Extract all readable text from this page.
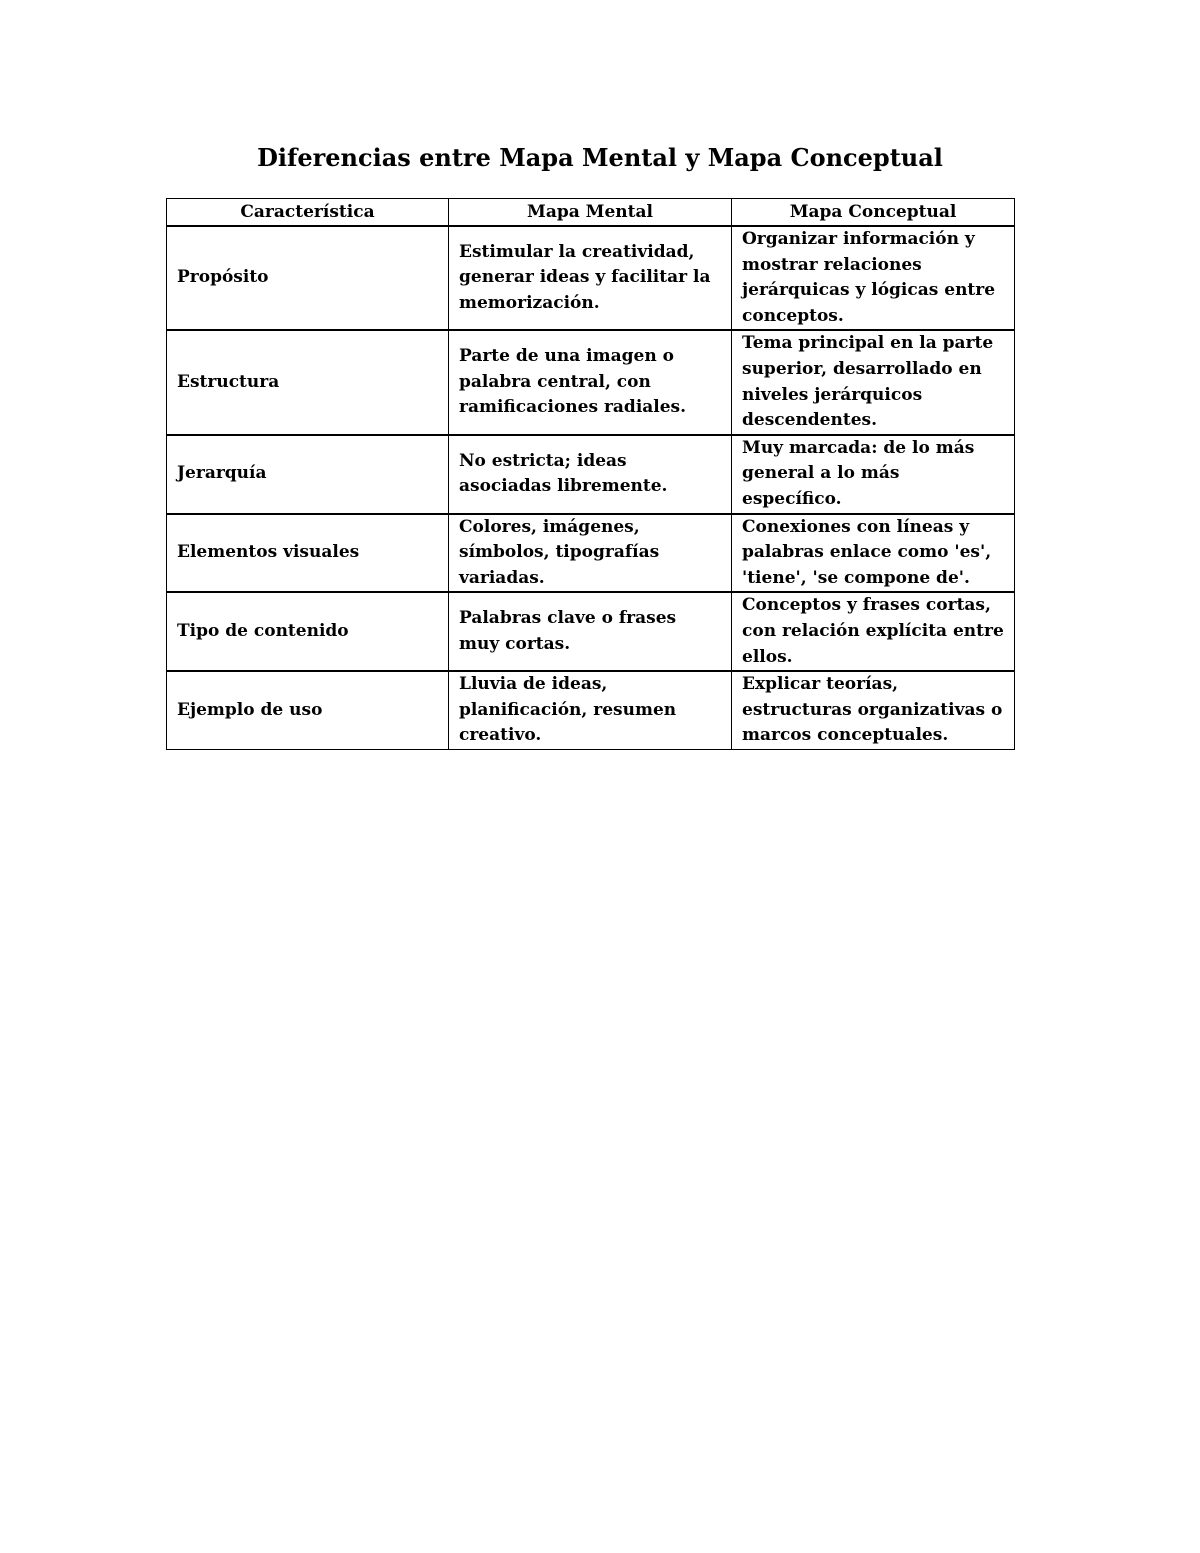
Diferencias entre Mapa Mental y Mapa Conceptual
Característica	Mapa Mental	Mapa Conceptual
Propósito	Estimular la creatividad, generar ideas y facilitar la memorización.	Organizar información y mostrar relaciones jerárquicas y lógicas entre conceptos.
Estructura	Parte de una imagen o palabra central, con ramificaciones radiales.	Tema principal en la parte superior, desarrollado en niveles jerárquicos descendentes.
Jerarquía	No estricta; ideas asociadas libremente.	Muy marcada: de lo más general a lo más específico.
Elementos visuales	Colores, imágenes, símbolos, tipografías variadas.	Conexiones con líneas y palabras enlace como 'es', 'tiene', 'se compone de'.
Tipo de contenido	Palabras clave o frases muy cortas.	Conceptos y frases cortas, con relación explícita entre ellos.
Ejemplo de uso	Lluvia de ideas, planificación, resumen creativo.	Explicar teorías, estructuras organizativas o marcos conceptuales.
